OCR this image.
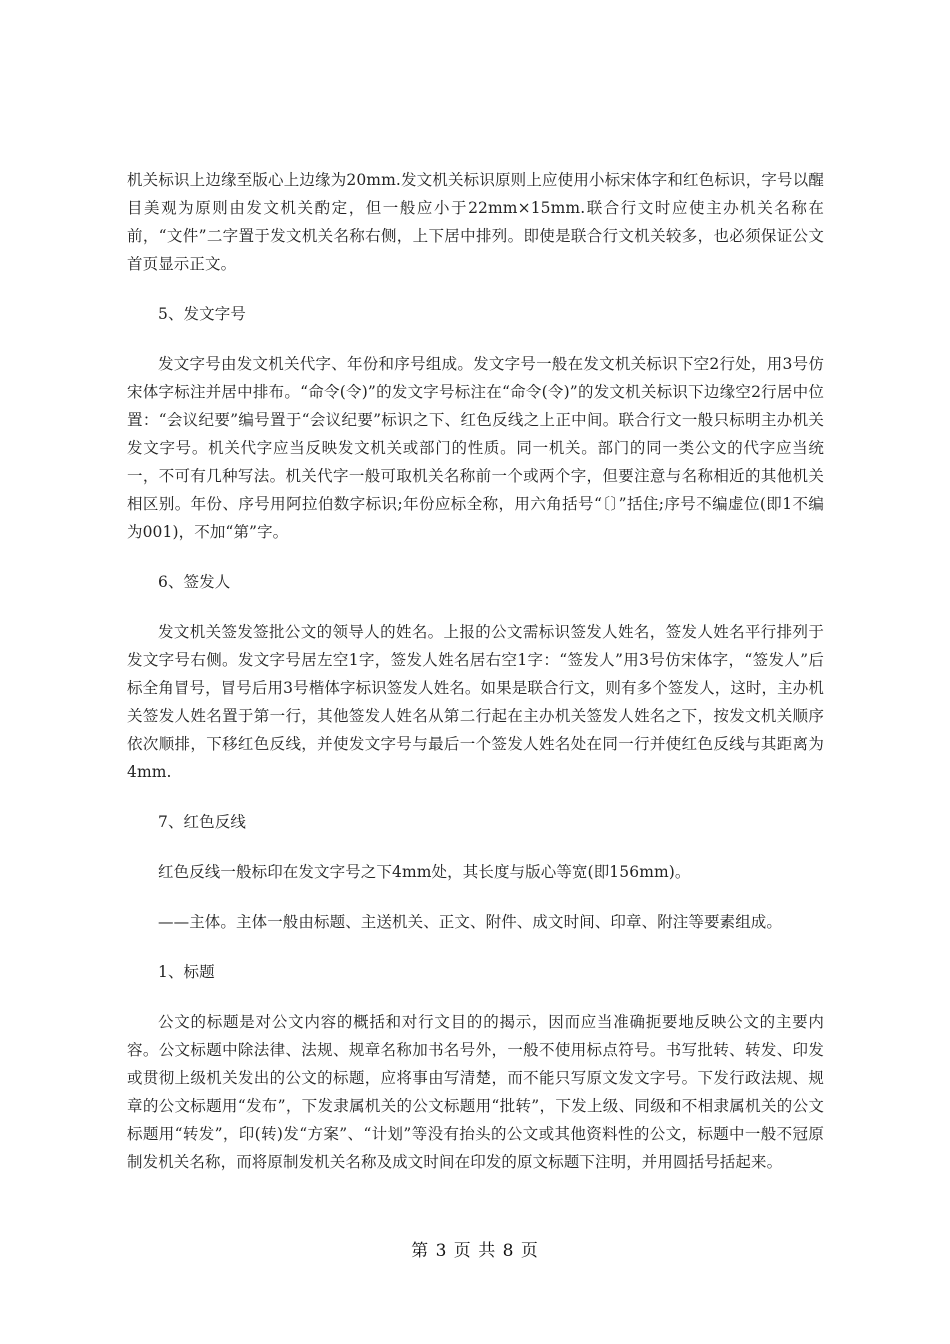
机关标识上边缘至版心上边缘为20mm.发文机关标识原则上应使用小标宋体字和红色标识，字号以醒目美观为原则由发文机关酌定，但一般应小于22mm×15mm.联合行文时应使主办机关名称在前，“文件”二字置于发文机关名称右侧，上下居中排列。即使是联合行文机关较多，也必须保证公文首页显示正文。

5、发文字号

发文字号由发文机关代字、年份和序号组成。发文字号一般在发文机关标识下空2行处，用3号仿宋体字标注并居中排布。“命令(令)”的发文字号标注在“命令(令)”的发文机关标识下边缘空2行居中位置：“会议纪要”编号置于“会议纪要”标识之下、红色反线之上正中间。联合行文一般只标明主办机关发文字号。机关代字应当反映发文机关或部门的性质。同一机关。部门的同一类公文的代字应当统一，不可有几种写法。机关代字一般可取机关名称前一个或两个字，但要注意与名称相近的其他机关相区别。年份、序号用阿拉伯数字标识;年份应标全称，用六角括号“〔〕”括住;序号不编虚位(即1不编为001)，不加“第”字。

6、签发人

发文机关签发签批公文的领导人的姓名。上报的公文需标识签发人姓名，签发人姓名平行排列于发文字号右侧。发文字号居左空1字，签发人姓名居右空1字：“签发人”用3号仿宋体字，“签发人”后标全角冒号，冒号后用3号楷体字标识签发人姓名。如果是联合行文，则有多个签发人，这时，主办机关签发人姓名置于第一行，其他签发人姓名从第二行起在主办机关签发人姓名之下，按发文机关顺序依次顺排，下移红色反线，并使发文字号与最后一个签发人姓名处在同一行并使红色反线与其距离为4mm.

7、红色反线

红色反线一般标印在发文字号之下4mm处，其长度与版心等宽(即156mm)。

——主体。主体一般由标题、主送机关、正文、附件、成文时间、印章、附注等要素组成。

1、标题

公文的标题是对公文内容的概括和对行文目的的揭示，因而应当准确扼要地反映公文的主要内容。公文标题中除法律、法规、规章名称加书名号外，一般不使用标点符号。书写批转、转发、印发或贯彻上级机关发出的公文的标题，应将事由写清楚，而不能只写原文发文字号。下发行政法规、规章的公文标题用“发布”，下发隶属机关的公文标题用“批转”，下发上级、同级和不相隶属机关的公文标题用“转发”，印(转)发“方案”、“计划”等没有抬头的公文或其他资料性的公文，标题中一般不冠原制发机关名称，而将原制发机关名称及成文时间在印发的原文标题下注明，并用圆括号括起来。

第 3 页 共 8 页
